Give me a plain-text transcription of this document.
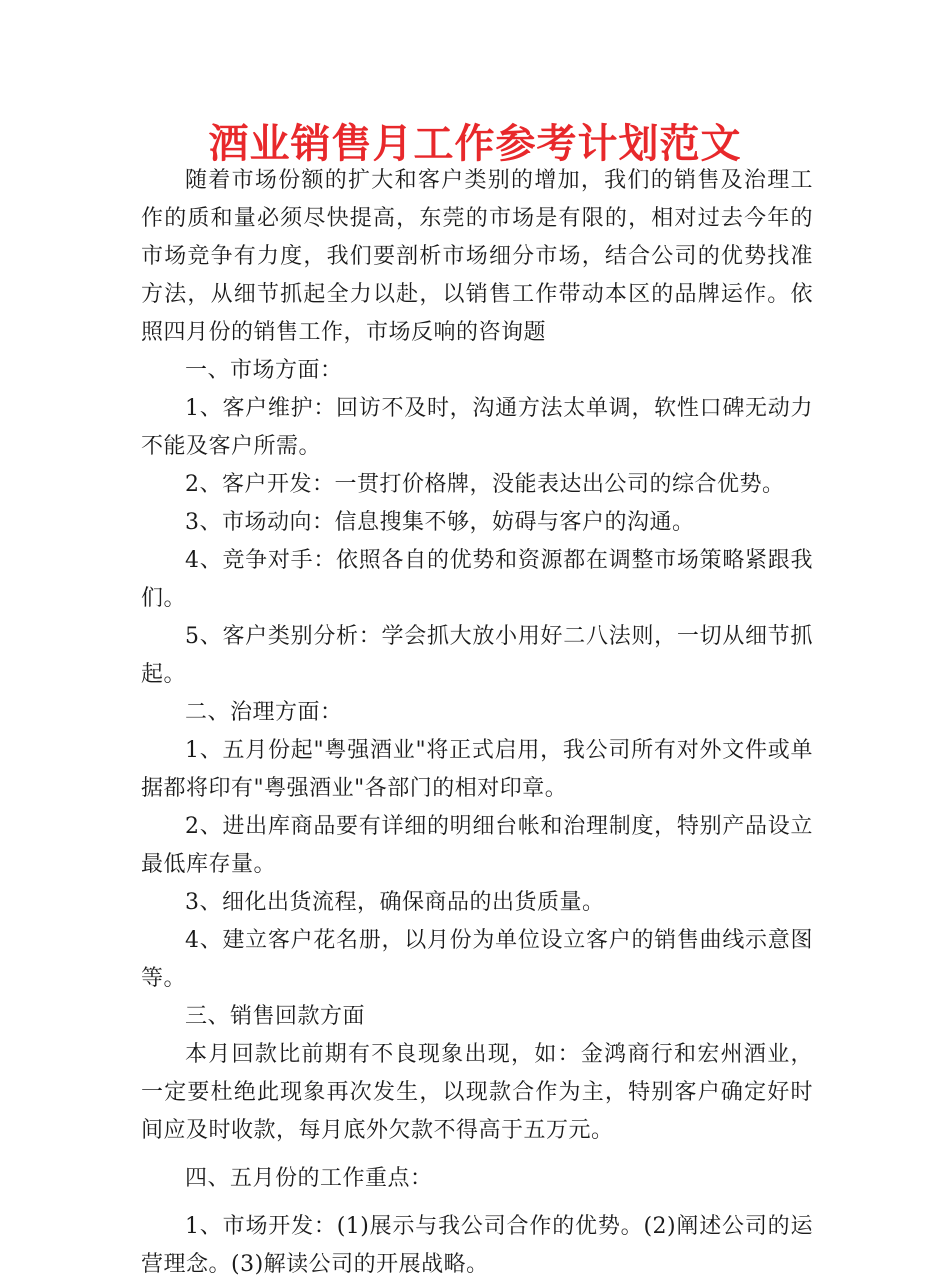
酒业销售月工作参考计划范文

随着市场份额的扩大和客户类别的增加，我们的销售及治理工作的质和量必须尽快提高，东莞的市场是有限的，相对过去今年的市场竞争有力度，我们要剖析市场细分市场，结合公司的优势找准方法，从细节抓起全力以赴，以销售工作带动本区的品牌运作。依照四月份的销售工作，市场反响的咨询题

一、市场方面：

1、客户维护：回访不及时，沟通方法太单调，软性口碑无动力不能及客户所需。

2、客户开发：一贯打价格牌，没能表达出公司的综合优势。

3、市场动向：信息搜集不够，妨碍与客户的沟通。

4、竞争对手：依照各自的优势和资源都在调整市场策略紧跟我们。

5、客户类别分析：学会抓大放小用好二八法则，一切从细节抓起。

二、治理方面：

1、五月份起"粤强酒业"将正式启用，我公司所有对外文件或单据都将印有"粤强酒业"各部门的相对印章。

2、进出库商品要有详细的明细台帐和治理制度，特别产品设立最低库存量。

3、细化出货流程，确保商品的出货质量。

4、建立客户花名册，以月份为单位设立客户的销售曲线示意图等。

三、销售回款方面

本月回款比前期有不良现象出现，如：金鸿商行和宏州酒业，一定要杜绝此现象再次发生，以现款合作为主，特别客户确定好时间应及时收款，每月底外欠款不得高于五万元。

四、五月份的工作重点：

1、市场开发：(1)展示与我公司合作的优势。(2)阐述公司的运营理念。(3)解读公司的开展战略。
